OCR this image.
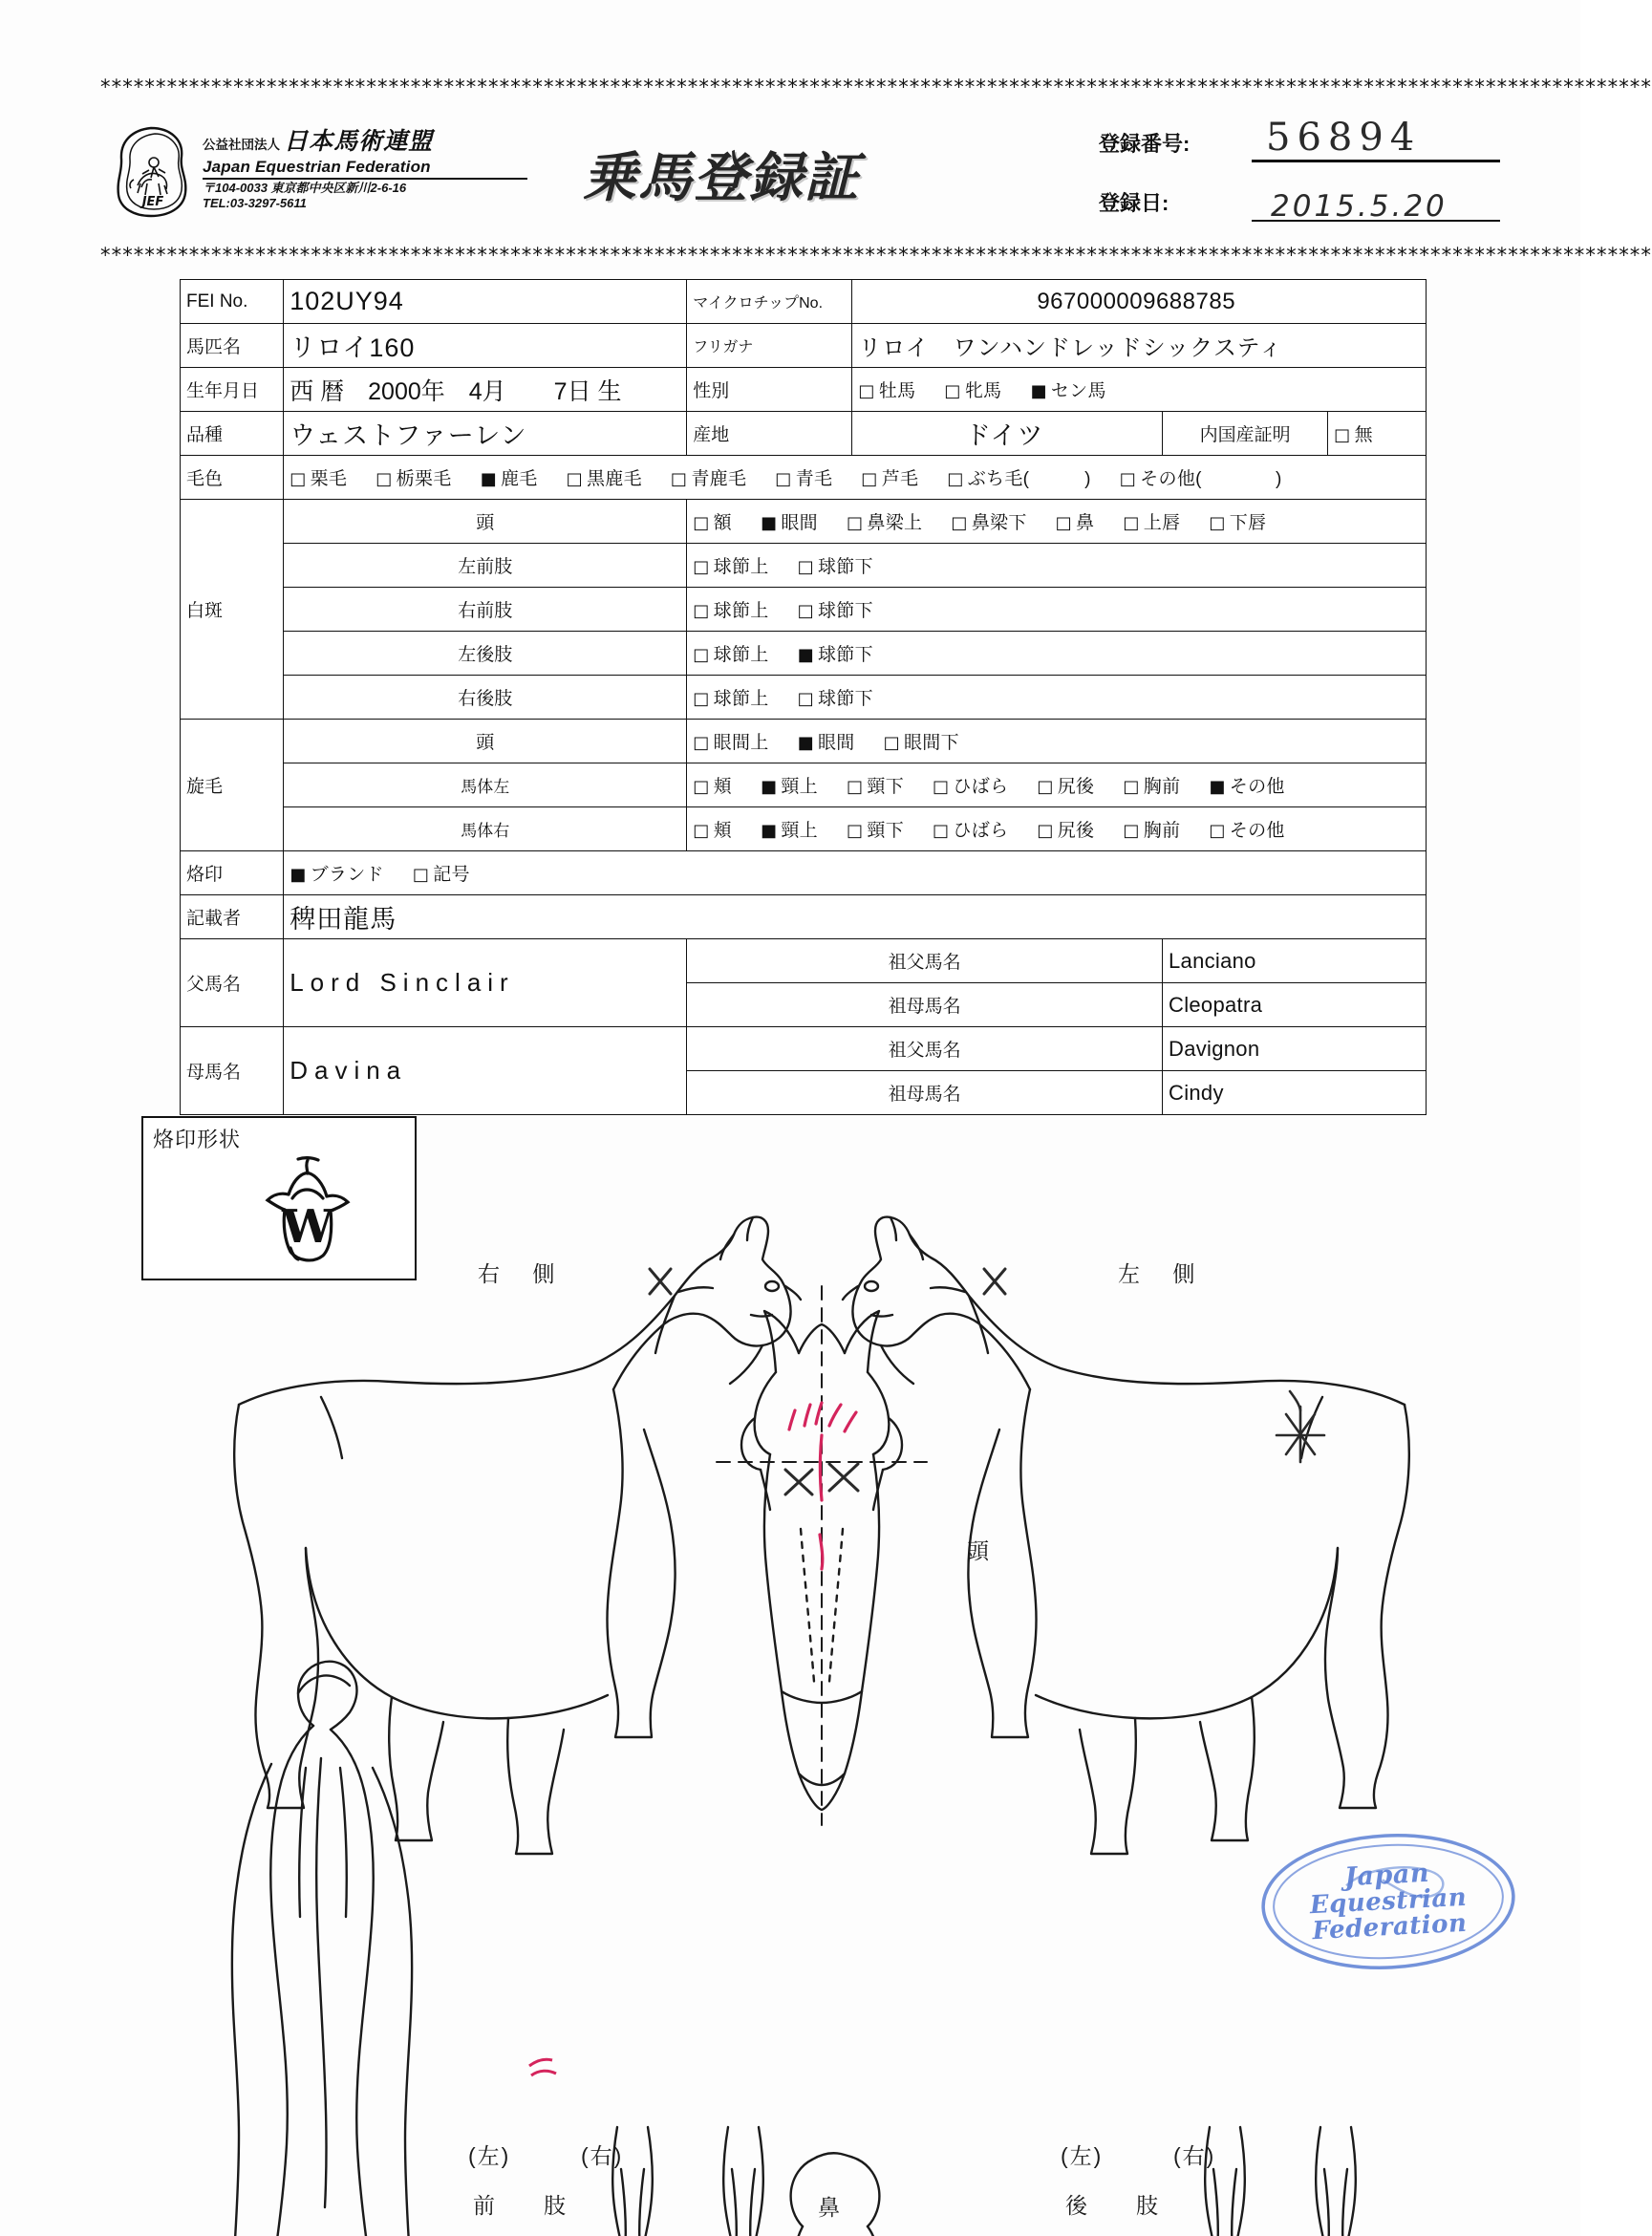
********************************************************************************************************************************************
JEF
公益社団法人 日本馬術連盟
Japan Equestrian Federation
〒104-0033 東京都中央区新川2-6-16
TEL:03-3297-5611	乗馬登録証
登録番号: 56894
登録日:	2015.5.20
********************************************************************************************************************************************
FEI No.	102UY94	マイクロチップNo.	967000009688785		
馬匹名	リロイ160	フリガナ	リロイ　ワンハンドレッドシックスティ		
生年月日	西 暦　2000年　4月　　7日 生	性別	□ 牡馬 □ 牝馬 ■ セン馬		
品種	ウェストファーレン	産地	ドイツ	内国産証明	□ 無
毛色	□ 栗毛 □ 栃栗毛 ■ 鹿毛 □ 黒鹿毛 □ 青鹿毛 □ 青毛 □ 芦毛 □ ぶち毛(　　　) □ その他(　　　　)				
白斑	頭	□ 額 ■ 眼間 □ 鼻梁上 □ 鼻梁下 □ 鼻 □ 上唇 □ 下唇			
	左前肢	□ 球節上 □ 球節下			
	右前肢	□ 球節上 □ 球節下			
	左後肢	□ 球節上 ■ 球節下			
	右後肢	□ 球節上 □ 球節下			
旋毛	頭	□ 眼間上 ■ 眼間 □ 眼間下			
	馬体左	□ 頬 ■ 頸上 □ 頸下 □ ひばら □ 尻後 □ 胸前 ■ その他			
	馬体右	□ 頬 ■ 頸上 □ 頸下 □ ひばら □ 尻後 □ 胸前 □ その他			
烙印	■ ブランド □ 記号				
記載者	稗田龍馬				
父馬名	Lord Sinclair	祖父馬名		Lanciano	
		祖母馬名		Cleopatra	
母馬名	Davina	祖父馬名		Davignon	
		祖母馬名		Cindy	
烙印形状
W
右 側	左 側
頭
(左)	(右)
前　肢	鼻
(左)	(右)
後　肢
Japan
Equestrian
Federation
